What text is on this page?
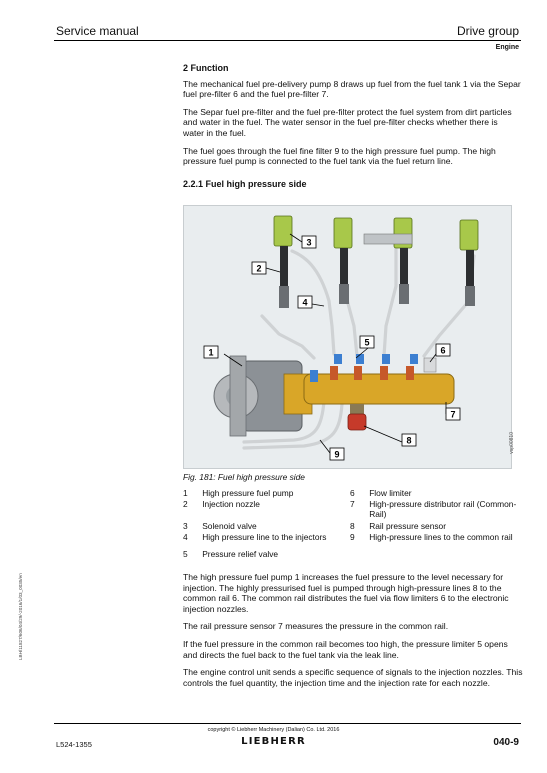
Service manual	Drive group
Engine
2 Function

The mechanical fuel pre-delivery pump 8 draws up fuel from the fuel tank 1 via the Separ fuel pre-filter 6 and the fuel pre-filter 7.

The Separ fuel pre-filter and the fuel pre-filter protect the fuel system from dirt particles and water in the fuel. The water sensor in the fuel pre-filter checks whether there is water in the fuel.

The fuel goes through the fuel fine filter 9 to the high pressure fuel pump. The high pressure fuel pump is connected to the fuel tank via the fuel return line.

2.2.1 Fuel high pressure side
1
2
3
4
5
6
7
8
9
vsp00810
Fig. 181: Fuel high pressure side
1	High pressure fuel pump	6	Flow limiter
2	Injection nozzle	7	High-pressure distributor rail (Common-Rail)
3	Solenoid valve	8	Rail pressure sensor
4	High pressure line to the injectors	9	High-pressure lines to the common rail
5	Pressure relief valve		

The high pressure fuel pump 1 increases the fuel pressure to the level necessary for injection. The highly pressurised fuel is pumped through high-pressure lines 8 to the common rail 6. The common rail distributes the fuel via flow limiters 6 to the electronic injection nozzles.

The rail pressure sensor 7 measures the pressure in the common rail.

If the fuel pressure in the common rail becomes too high, the pressure limiter 5 opens and directs the fuel back to the fuel tank via the leak line.

The engine control unit sends a specific sequence of signals to the injection nozzles. This controls the fuel quantity, the injection time and the injection rate for each nozzle.

LBH/11827/606/04/29/-2016/1/03_0035/en
copyright © Liebherr Machinery (Dalian) Co. Ltd. 2016
LIEBHERR
L524-1355	040-9
